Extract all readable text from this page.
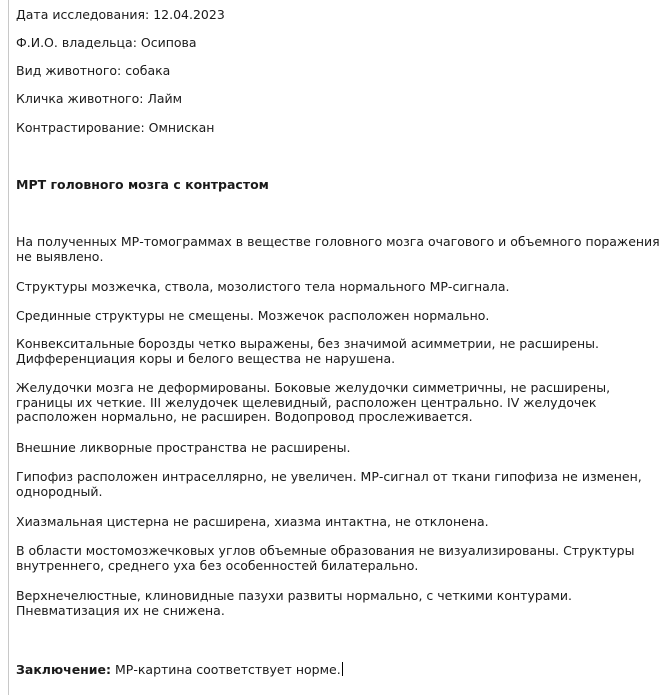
Дата исследования: 12.04.2023
Ф.И.О. владельца: Осипова
Вид животного: собака
Кличка животного: Лайм
Контрастирование: Омнискан
МРТ головного мозга с контрастом
На полученных МР-томограммах в веществе головного мозга очагового и объемного поражения не выявлено.
Структуры мозжечка, ствола, мозолистого тела нормального МР-сигнала.
Срединные структуры не смещены. Мозжечок расположен нормально.
Конвекситальные борозды четко выражены, без значимой асимметрии, не расширены. Дифференциация коры и белого вещества не нарушена.
Желудочки мозга не деформированы. Боковые желудочки симметричны, не расширены, границы их четкие. III желудочек щелевидный, расположен центрально. IV желудочек расположен нормально, не расширен. Водопровод прослеживается.
Внешние ликворные пространства не расширены.
Гипофиз расположен интраселлярно, не увеличен. МР-сигнал от ткани гипофиза не изменен, однородный.
Хиазмальная цистерна не расширена, хиазма интактна, не отклонена.
В области мостомозжечковых углов объемные образования не визуализированы. Структуры внутреннего, среднего уха без особенностей билатерально.
Верхнечелюстные, клиновидные пазухи развиты нормально, с четкими контурами. Пневматизация их не снижена.
Заключение: МР-картина соответствует норме.
